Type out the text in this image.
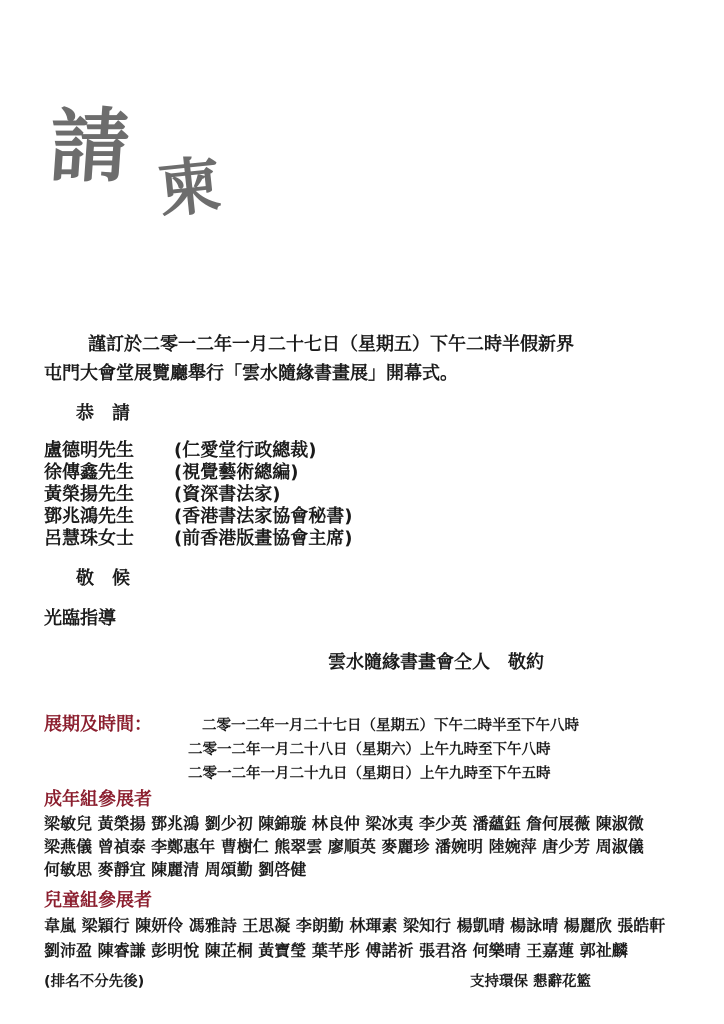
請 柬
謹訂於二零一二年一月二十七日（星期五）下午二時半假新界
屯門大會堂展覽廳舉行「雲水隨緣書畫展」開幕式。
恭　請
盧德明先生 (仁愛堂行政總裁)
徐傳鑫先生 (視覺藝術總編)
黃榮揚先生 (資深書法家)
鄧兆鴻先生 (香港書法家協會秘書)
呂慧珠女士 (前香港版畫協會主席)
敬　候
光臨指導
雲水隨緣書畫會仝人　敬約
展期及時間：	二零一二年一月二十七日（星期五）下午二時半至下午八時
二零一二年一月二十八日（星期六）上午九時至下午八時
二零一二年一月二十九日（星期日）上午九時至下午五時
成年組參展者
梁敏兒 黃榮揚 鄧兆鴻 劉少初 陳錦璇 林良仲 梁冰夷 李少英 潘蘊鈺 詹何展薇 陳淑微
梁燕儀 曾禎泰 李鄭惠年 曹樹仁 熊翠雲 廖順英 麥麗珍 潘婉明 陸婉萍 唐少芳 周淑儀
何敏思 麥靜宜 陳麗清 周頌勤 劉啓健
兒童組參展者
韋嵐 梁穎行 陳妍伶 馮雅詩 王思凝 李朗勤 林琿素 梁知行 楊凱晴 楊詠晴 楊麗欣 張皓軒
劉沛盈 陳睿謙 彭明悅 陳芷桐 黃寶瑩 葉芊彤 傅諾祈 張君洛 何樂晴 王嘉蓮 郭祉麟
(排名不分先後)	支持環保 懇辭花籃
